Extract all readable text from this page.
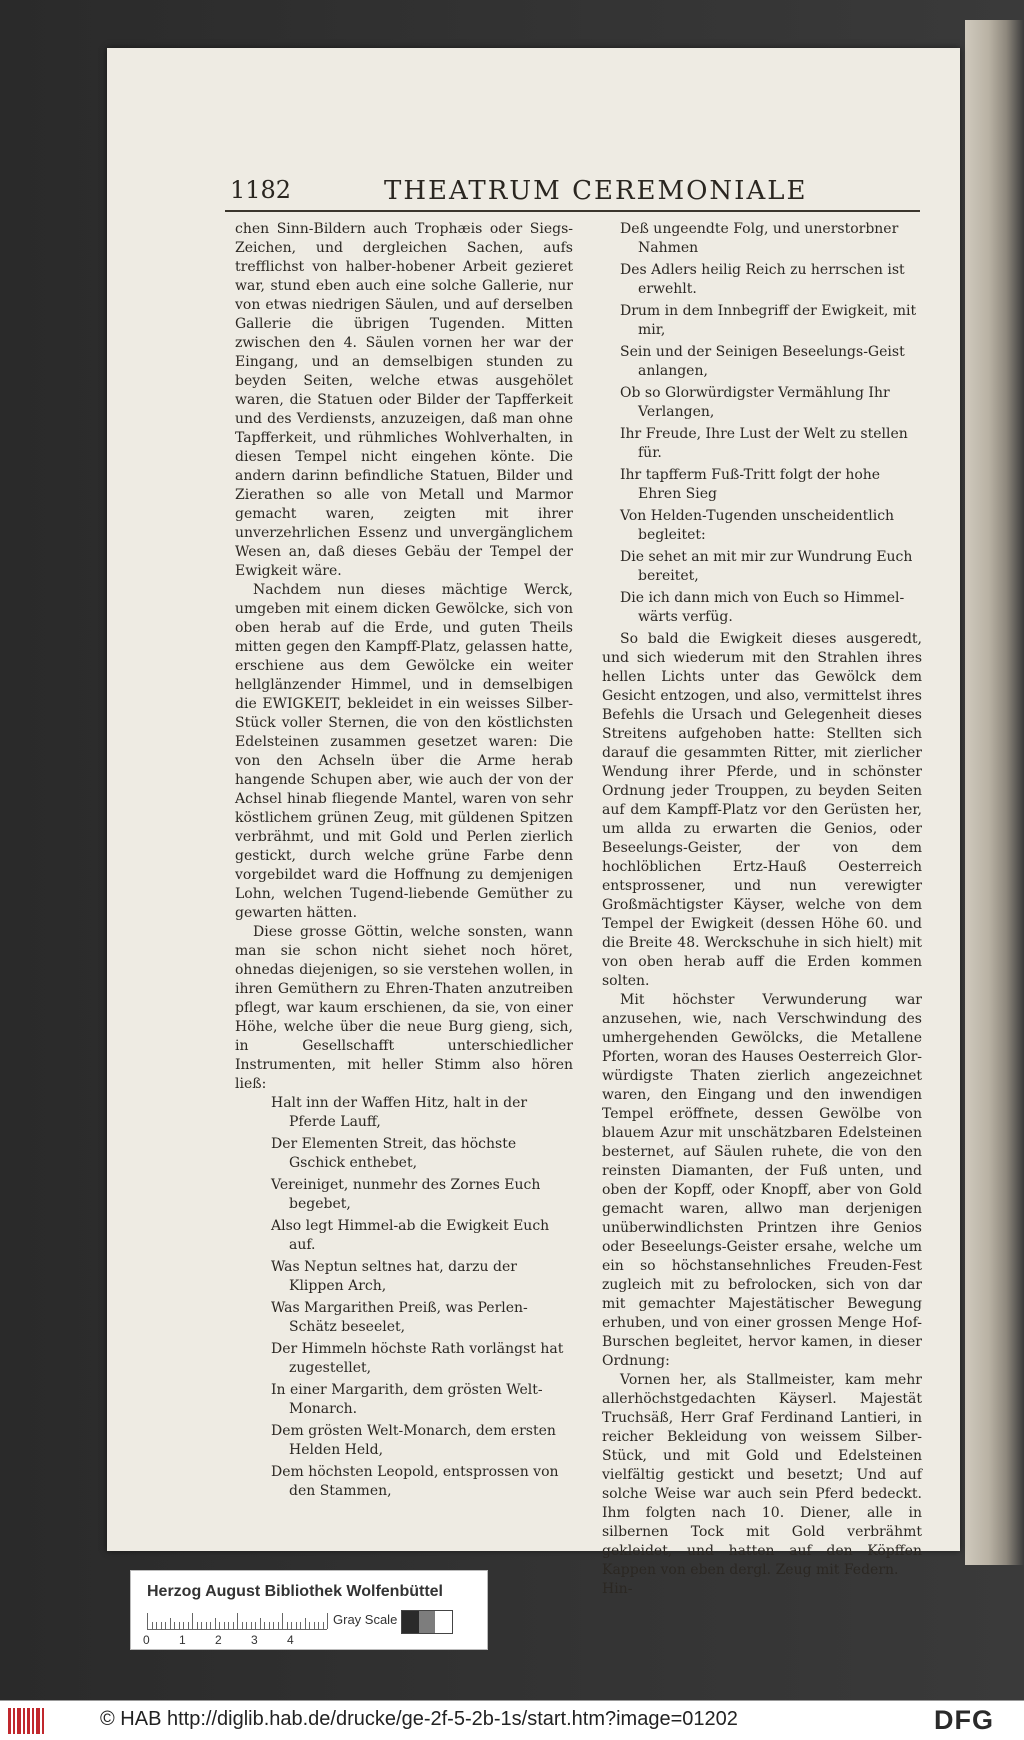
1182	THEATRUM CEREMONIALE

chen Sinn-Bildern auch Trophæis oder Siegs-Zeichen, und dergleichen Sachen, aufs trefflichst von halber-hobener Arbeit gezieret war, stund eben auch eine solche Gallerie, nur von etwas niedrigen Säulen, und auf derselben Gallerie die übrigen Tugenden. Mitten zwischen den 4. Säulen vornen her war der Eingang, und an demselbigen stunden zu beyden Seiten, welche etwas ausgehölet waren, die Statuen oder Bilder der Tapfferkeit und des Verdiensts, anzuzeigen, daß man ohne Tapfferkeit, und rühmliches Wohlverhalten, in diesen Tempel nicht eingehen könte. Die andern darinn befindliche Statuen, Bilder und Zierathen so alle von Metall und Marmor gemacht waren, zeigten mit ihrer unverzehrlichen Essenz und unvergänglichem Wesen an, daß dieses Gebäu der Tempel der Ewigkeit wäre.

Nachdem nun dieses mächtige Werck, umgeben mit einem dicken Gewölcke, sich von oben herab auf die Erde, und guten Theils mitten gegen den Kampff-Platz, gelassen hatte, erschiene aus dem Gewölcke ein weiter hellglänzender Himmel, und in demselbigen die EWIGKEIT, bekleidet in ein weisses Silber-Stück voller Sternen, die von den köstlichsten Edelsteinen zusammen gesetzet waren: Die von den Achseln über die Arme herab hangende Schupen aber, wie auch der von der Achsel hinab fliegende Mantel, waren von sehr köstlichem grünen Zeug, mit güldenen Spitzen verbrähmt, und mit Gold und Perlen zierlich gestickt, durch welche grüne Farbe denn vorgebildet ward die Hoffnung zu demjenigen Lohn, welchen Tugend-liebende Gemüther zu gewarten hätten.

Diese grosse Göttin, welche sonsten, wann man sie schon nicht siehet noch höret, ohnedas diejenigen, so sie verstehen wollen, in ihren Gemüthern zu Ehren-Thaten anzutreiben pflegt, war kaum erschienen, da sie, von einer Höhe, welche über die neue Burg gieng, sich, in Gesellschafft unterschiedlicher Instrumenten, mit heller Stimm also hören ließ:

Halt inn der Waffen Hitz, halt in der Pferde Lauff,
Der Elementen Streit, das höchste Gschick enthebet,
Vereiniget, nunmehr des Zornes Euch begebet,
Also legt Himmel-ab die Ewigkeit Euch auf.
Was Neptun seltnes hat, darzu der Klippen Arch,
Was Margarithen Preiß, was Perlen-Schätz beseelet,
Der Himmeln höchste Rath vorlängst hat zugestellet,
In einer Margarith, dem grösten Welt-Monarch.
Dem grösten Welt-Monarch, dem ersten Helden Held,
Dem höchsten Leopold, entsprossen von den Stammen,
Deß ungeendte Folg, und unerstorbner Nahmen
Des Adlers heilig Reich zu herrschen ist erwehlt.
Drum in dem Innbegriff der Ewigkeit, mit mir,
Sein und der Seinigen Beseelungs-Geist anlangen,
Ob so Glorwürdigster Vermählung Ihr Verlangen,
Ihr Freude, Ihre Lust der Welt zu stellen für.
Ihr tapfferm Fuß-Tritt folgt der hohe Ehren Sieg
Von Helden-Tugenden unscheidentlich begleitet:
Die sehet an mit mir zur Wundrung Euch bereitet,
Die ich dann mich von Euch so Himmel-wärts verfüg.

So bald die Ewigkeit dieses ausgeredt, und sich wiederum mit den Strahlen ihres hellen Lichts unter das Gewölck dem Gesicht entzogen, und also, vermittelst ihres Befehls die Ursach und Gelegenheit dieses Streitens aufgehoben hatte: Stellten sich darauf die gesammten Ritter, mit zierlicher Wendung ihrer Pferde, und in schönster Ordnung jeder Trouppen, zu beyden Seiten auf dem Kampff-Platz vor den Gerüsten her, um allda zu erwarten die Genios, oder Beseelungs-Geister, der von dem hochlöblichen Ertz-Hauß Oesterreich entsprossener, und nun verewigter Großmächtigster Käyser, welche von dem Tempel der Ewigkeit (dessen Höhe 60. und die Breite 48. Werckschuhe in sich hielt) mit von oben herab auff die Erden kommen solten.

Mit höchster Verwunderung war anzusehen, wie, nach Verschwindung des umhergehenden Gewölcks, die Metallene Pforten, woran des Hauses Oesterreich Glor-würdigste Thaten zierlich angezeichnet waren, den Eingang und den inwendigen Tempel eröffnete, dessen Gewölbe von blauem Azur mit unschätzbaren Edelsteinen besternet, auf Säulen ruhete, die von den reinsten Diamanten, der Fuß unten, und oben der Kopff, oder Knopff, aber von Gold gemacht waren, allwo man derjenigen unüberwindlichsten Printzen ihre Genios oder Beseelungs-Geister ersahe, welche um ein so höchstansehnliches Freuden-Fest zugleich mit zu befrolocken, sich von dar mit gemachter Majestätischer Bewegung erhuben, und von einer grossen Menge Hof-Burschen begleitet, hervor kamen, in dieser Ordnung:

Vornen her, als Stallmeister, kam mehr allerhöchstgedachten Käyserl. Majestät Truchsäß, Herr Graf Ferdinand Lantieri, in reicher Bekleidung von weissem Silber-Stück, und mit Gold und Edelsteinen vielfältig gestickt und besetzt; Und auf solche Weise war auch sein Pferd bedeckt. Ihm folgten nach 10. Diener, alle in silbernen Tock mit Gold verbrähmt gekleidet, und hatten auf den Köpffen Kappen von eben dergl. Zeug mit Federn.

Hin-

Herzog August Bibliothek Wolfenbüttel
0 1 2 3 4
Gray Scale
© HAB http://diglib.hab.de/drucke/ge-2f-5-2b-1s/start.htm?image=01202	DFG
